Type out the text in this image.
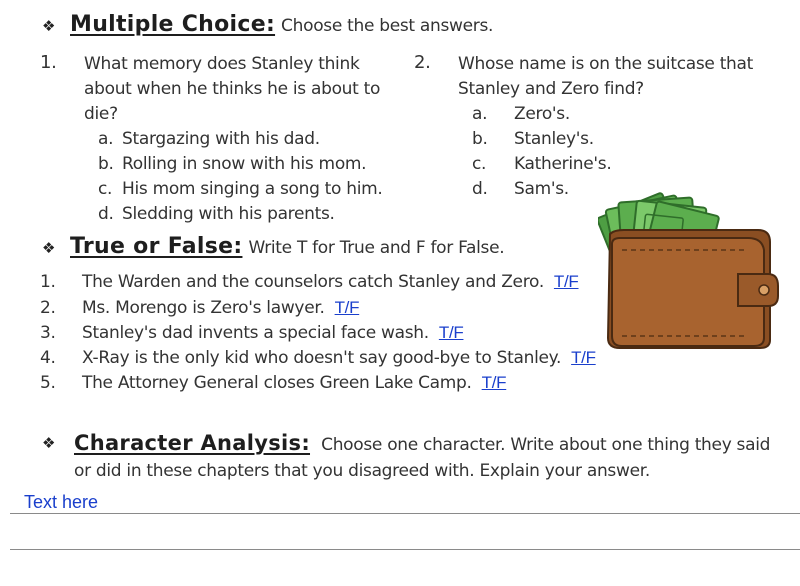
❖ Multiple Choice: Choose the best answers.
1. What memory does Stanley think
about when he thinks he is about to
die?
a. Stargazing with his dad.
b. Rolling in snow with his mom.
c. His mom singing a song to him.
d. Sledding with his parents.
2. Whose name is on the suitcase that
Stanley and Zero find?
a. Zero's.
b. Stanley's.
c. Katherine's.
d. Sam's.
❖ True or False: Write T for True and F for False.
1. The Warden and the counselors catch Stanley and Zero. T/F
2. Ms. Morengo is Zero's lawyer. T/F
3. Stanley's dad invents a special face wash. T/F
4. X-Ray is the only kid who doesn't say good-bye to Stanley. T/F
5. The Attorney General closes Green Lake Camp. T/F
❖ Character Analysis: Choose one character. Write about one thing they said or did in these chapters that you disagreed with. Explain your answer.
Text here
